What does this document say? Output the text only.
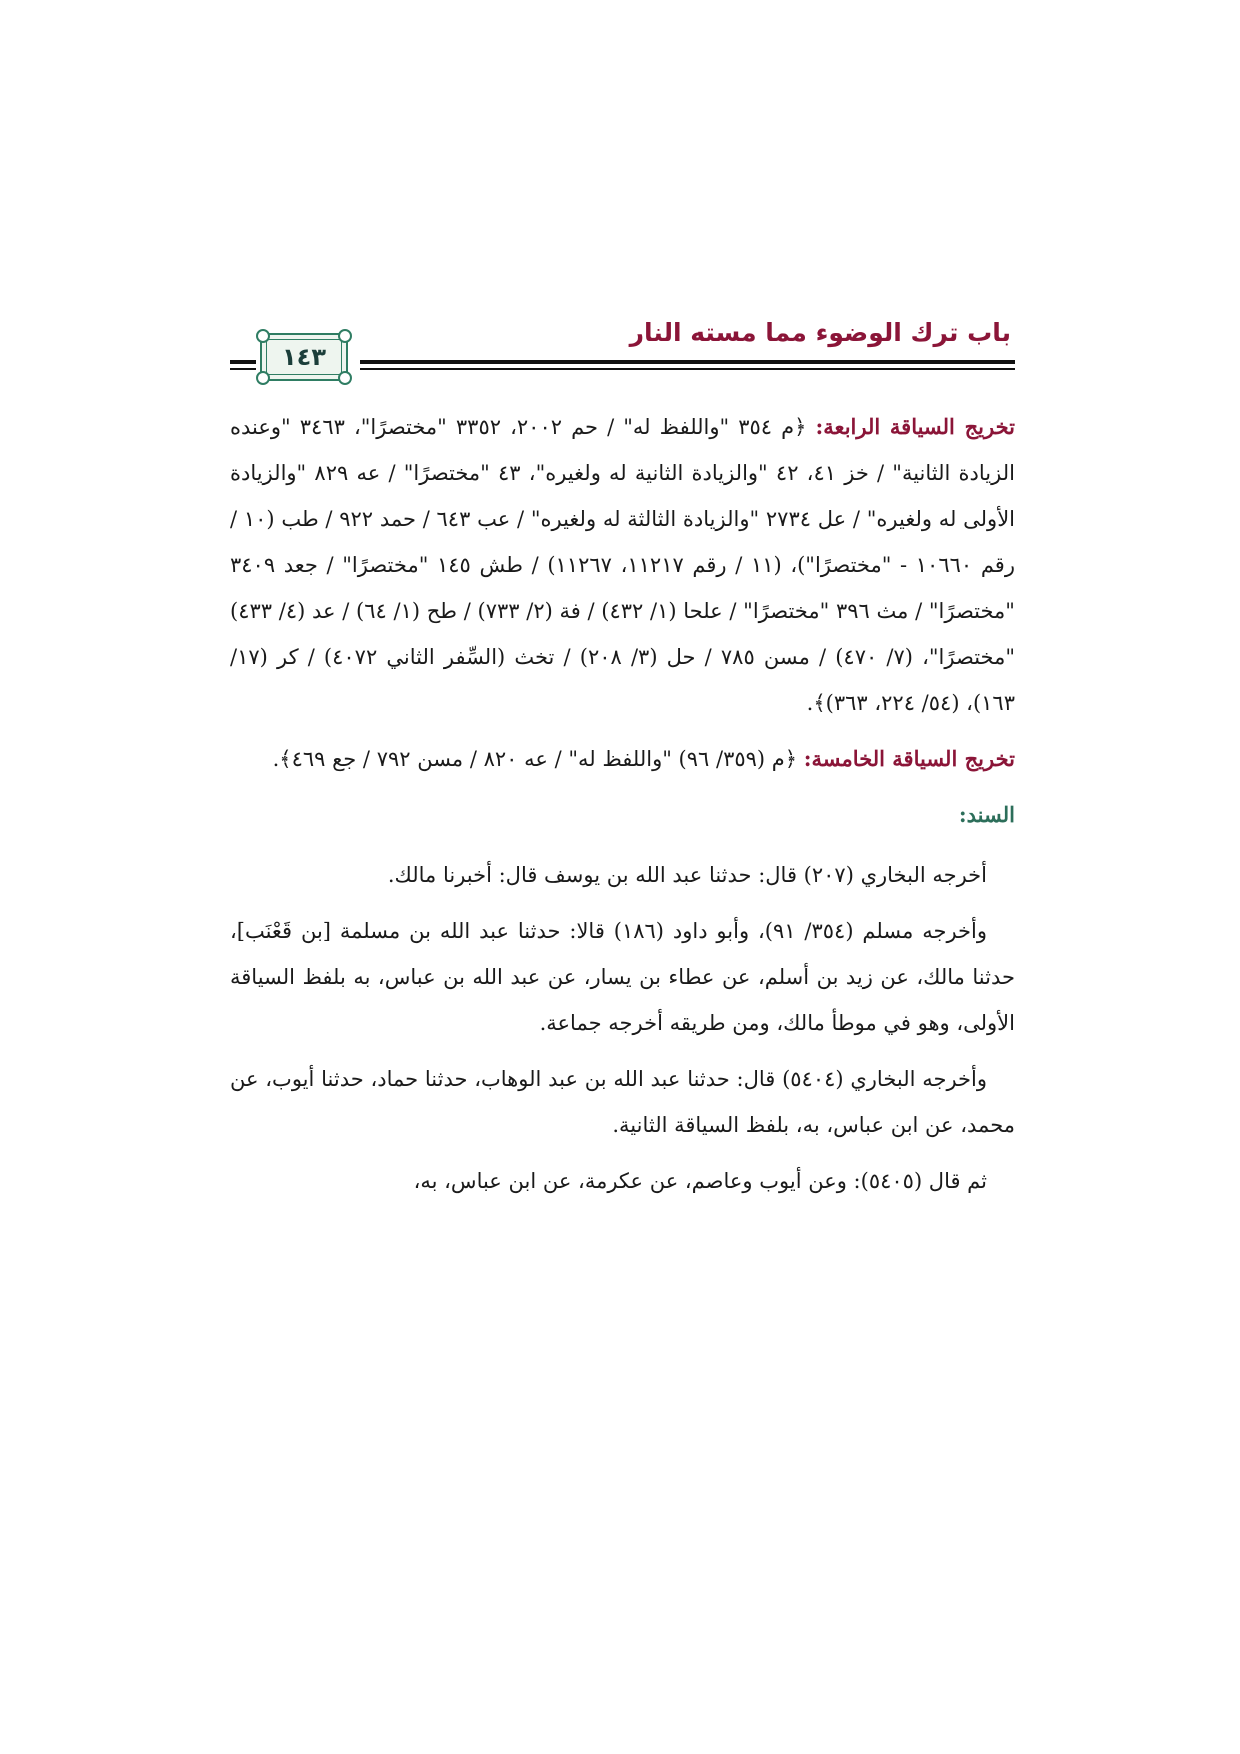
باب ترك الوضوء مما مسته النار
١٤٣

تخريج السياقة الرابعة: ﴿م ٣٥٤ "واللفظ له" / حم ٢٠٠٢، ٣٣٥٢ "مختصرًا"، ٣٤٦٣ "وعنده الزيادة الثانية" / خز ٤١، ٤٢ "والزيادة الثانية له ولغيره"، ٤٣ "مختصرًا" / عه ٨٢٩ "والزيادة الأولى له ولغيره" / عل ٢٧٣٤ "والزيادة الثالثة له ولغيره" / عب ٦٤٣ / حمد ٩٢٢ / طب (١٠ / رقم ١٠٦٦٠ - "مختصرًا")، (١١ / رقم ١١٢١٧، ١١٢٦٧) / طش ١٤٥ "مختصرًا" / جعد ٣٤٠٩ "مختصرًا" / مث ٣٩٦ "مختصرًا" / علحا (١/ ٤٣٢) / فة (٢/ ٧٣٣) / طح (١/ ٦٤) / عد (٤/ ٤٣٣) "مختصرًا"، (٧/ ٤٧٠) / مسن ٧٨٥ / حل (٣/ ٢٠٨) / تخث (السِّفر الثاني ٤٠٧٢) / كر (١٧/ ١٦٣)، (٥٤/ ٢٢٤، ٣٦٣)﴾.

تخريج السياقة الخامسة: ﴿م (٣٥٩/ ٩٦) "واللفظ له" / عه ٨٢٠ / مسن ٧٩٢ / جع ٤٦٩﴾.

السند:

أخرجه البخاري (٢٠٧) قال: حدثنا عبد الله بن يوسف قال: أخبرنا مالك.

وأخرجه مسلم (٣٥٤/ ٩١)، وأبو داود (١٨٦) قالا: حدثنا عبد الله بن مسلمة [بن قَعْنَب]، حدثنا مالك، عن زيد بن أسلم، عن عطاء بن يسار، عن عبد الله بن عباس، به بلفظ السياقة الأولى، وهو في موطأ مالك، ومن طريقه أخرجه جماعة.

وأخرجه البخاري (٥٤٠٤) قال: حدثنا عبد الله بن عبد الوهاب، حدثنا حماد، حدثنا أيوب، عن محمد، عن ابن عباس، به، بلفظ السياقة الثانية.

ثم قال (٥٤٠٥): وعن أيوب وعاصم، عن عكرمة، عن ابن عباس، به،
